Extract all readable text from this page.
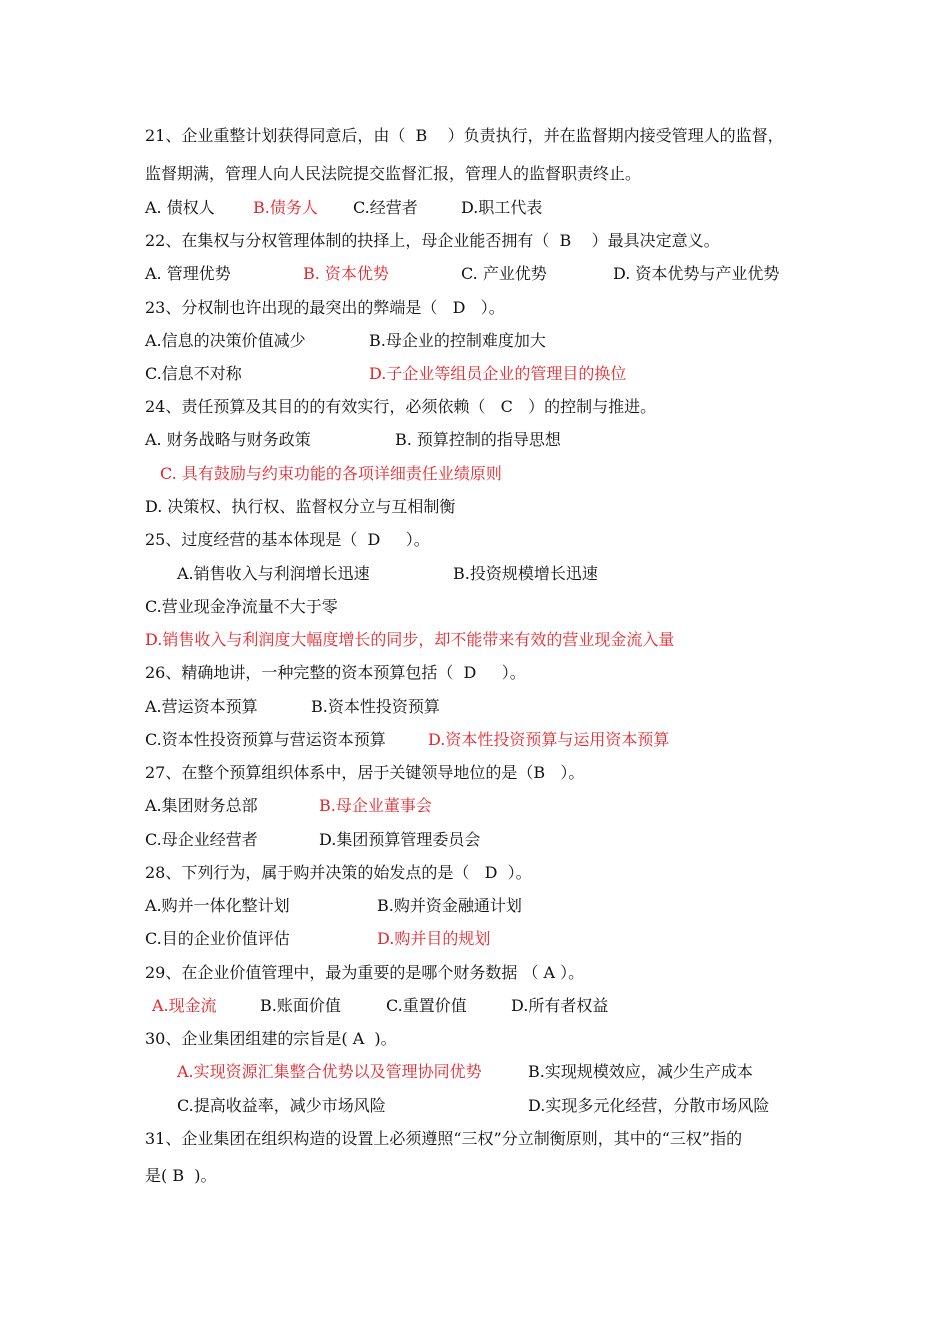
21、企业重整计划获得同意后，由（  B    ）负责执行，并在监督期内接受管理人的监督，
监督期满，管理人向人民法院提交监督汇报，管理人的监督职责终止。
A. 债权人 B.债务人 C.经营者	D.职工代表
22、在集权与分权管理体制的抉择上，母企业能否拥有（  B    ）最具决定意义。
A. 管理优势	B. 资本优势	C. 产业优势	D. 资本优势与产业优势
23、分权制也许出现的最突出的弊端是（   D   ）。
A.信息的决策价值减少	B.母企业的控制难度加大
C.信息不对称	D.子企业等组员企业的管理目的换位
24、责任预算及其目的的有效实行，必须依赖（   C   ）的控制与推进。
A. 财务战略与财务政策	B. 预算控制的指导思想
C. 具有鼓励与约束功能的各项详细责任业绩原则
D. 决策权、执行权、监督权分立与互相制衡
25、过度经营的基本体现是（  D     ）。
A.销售收入与利润增长迅速	B.投资规模增长迅速
C.营业现金净流量不大于零
D.销售收入与利润度大幅度增长的同步，却不能带来有效的营业现金流入量
26、精确地讲，一种完整的资本预算包括（  D     ）。
A.营运资本预算	B.资本性投资预算
C.资本性投资预算与营运资本预算	D.资本性投资预算与运用资本预算
27、在整个预算组织体系中，居于关键领导地位的是（B   ）。
A.集团财务总部	B.母企业董事会
C.母企业经营者	D.集团预算管理委员会
28、下列行为，属于购并决策的始发点的是（   D  ）。
A.购并一体化整计划	B.购并资金融通计划
C.目的企业价值评估	D.购并目的规划
29、在企业价值管理中，最为重要的是哪个财务数据 （ A ）。
A.现金流	B.账面价值	C.重置价值	D.所有者权益
30、企业集团组建的宗旨是( A  )。
A.实现资源汇集整合优势以及管理协同优势	B.实现规模效应，减少生产成本
C.提高收益率，减少市场风险	D.实现多元化经营，分散市场风险
31、企业集团在组织构造的设置上必须遵照“三权”分立制衡原则，其中的“三权”指的
是( B  )。
